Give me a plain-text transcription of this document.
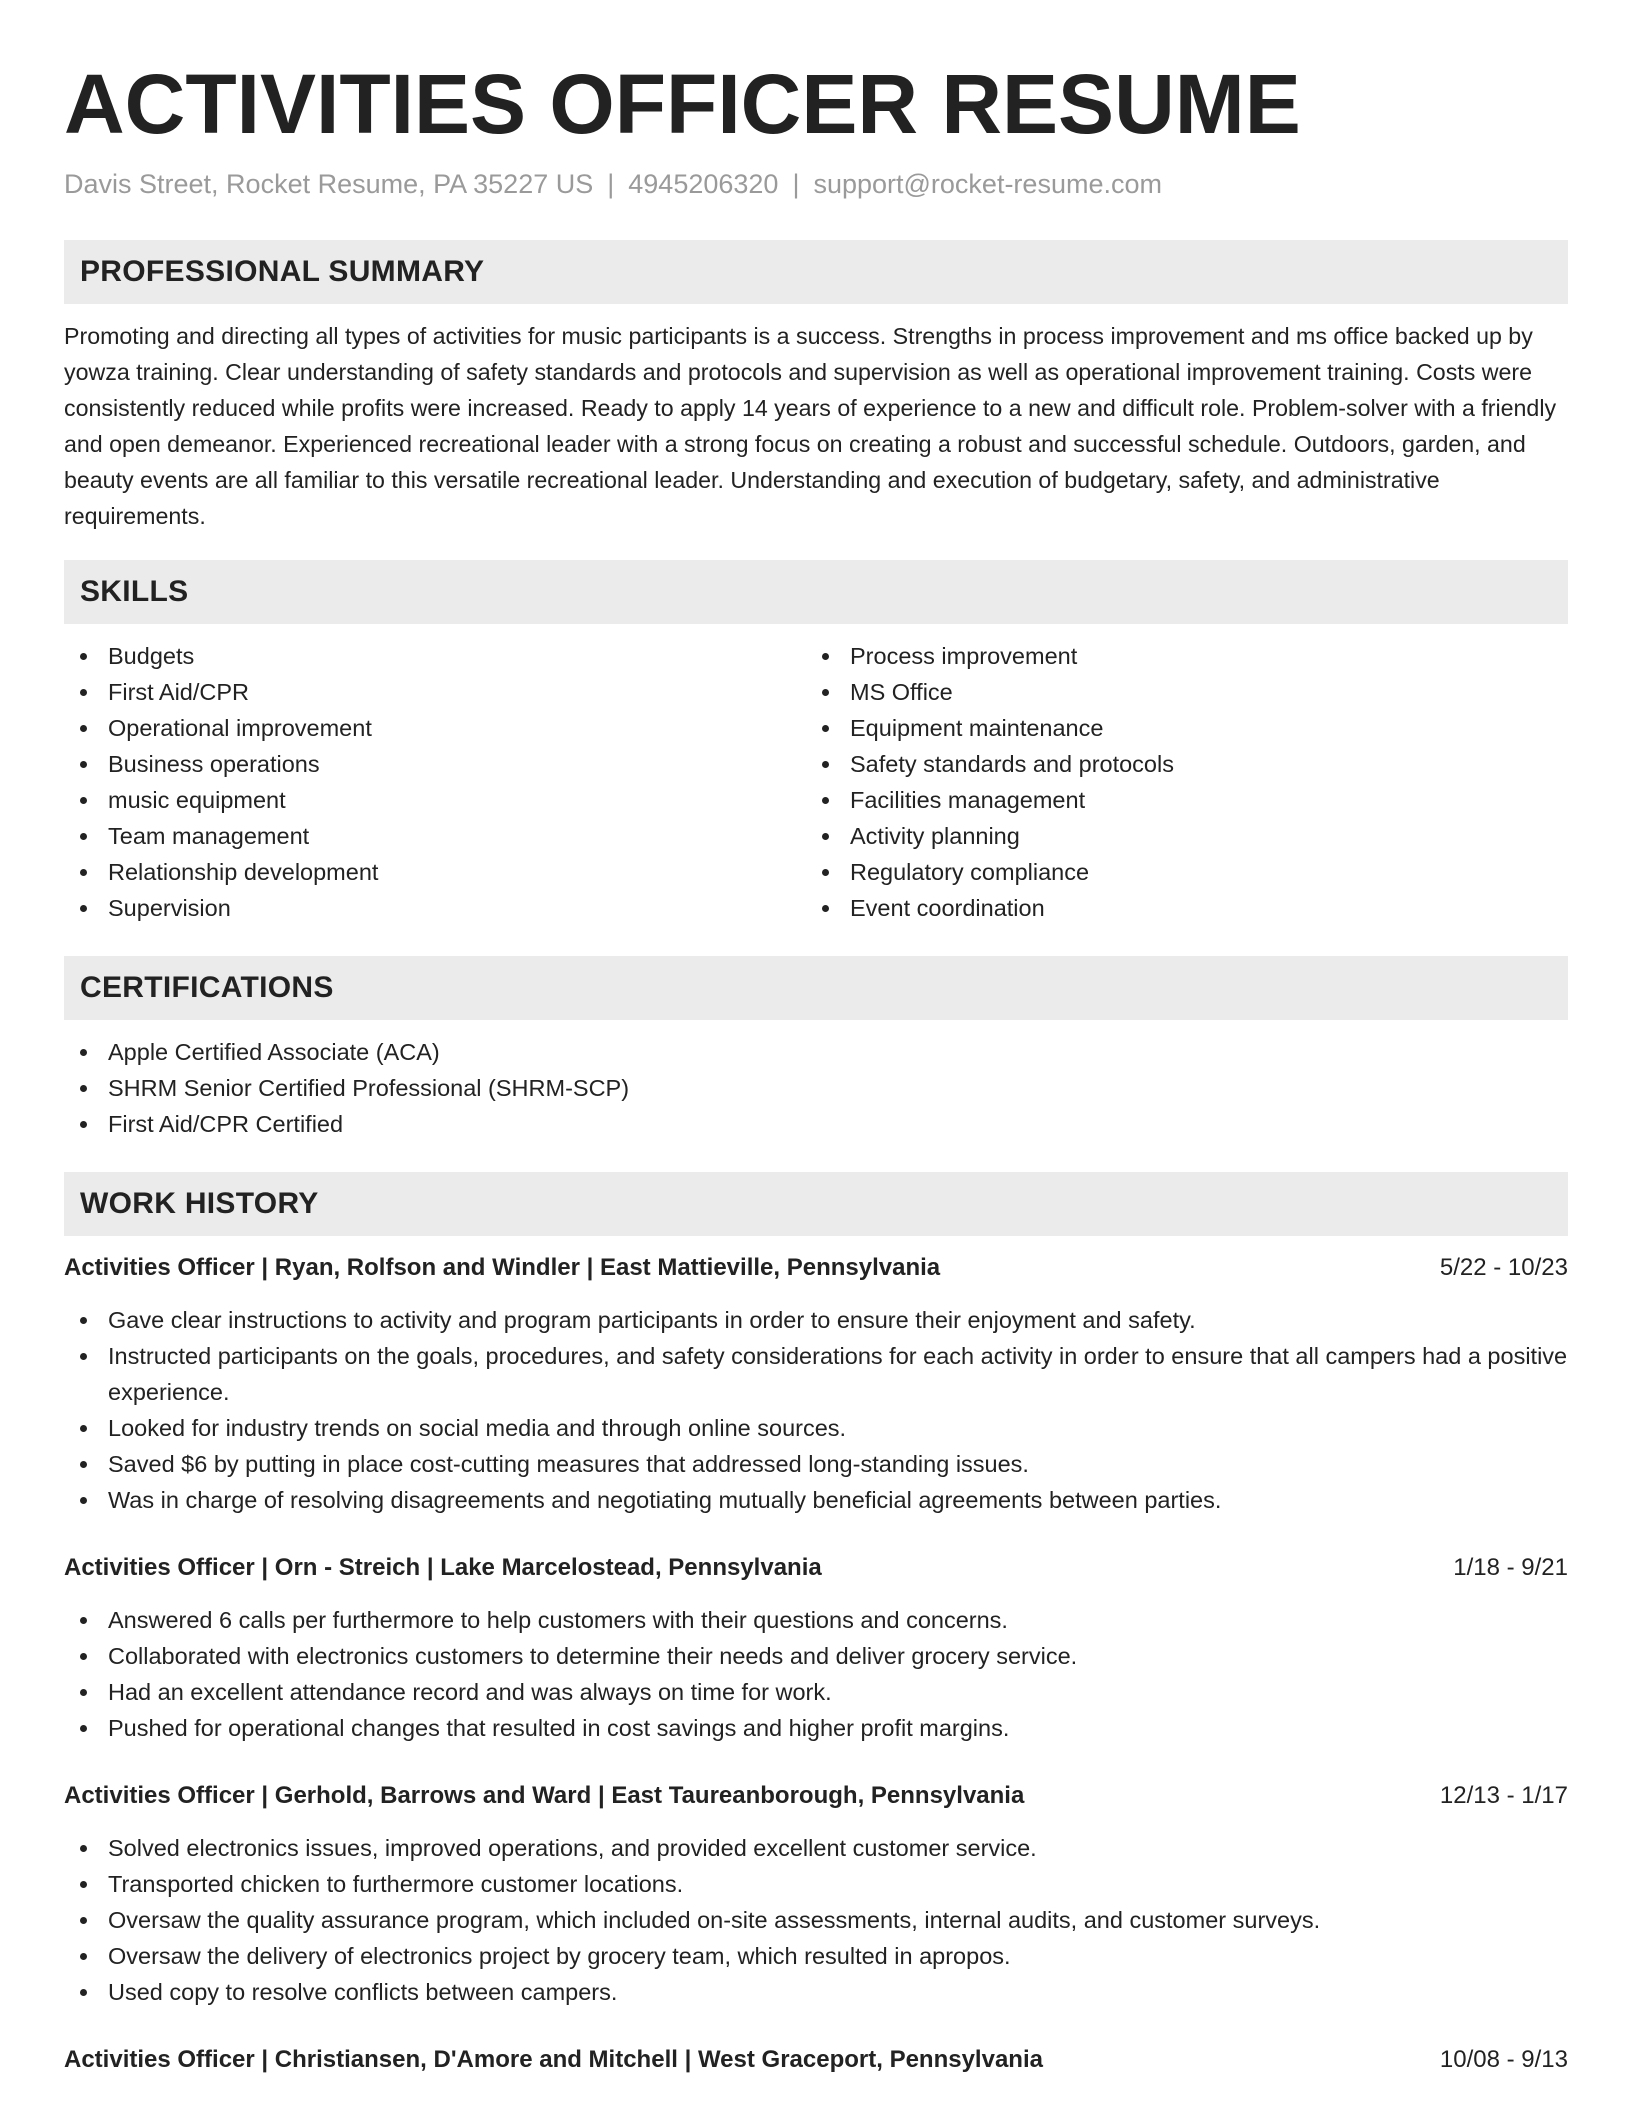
ACTIVITIES OFFICER RESUME
Davis Street, Rocket Resume, PA 35227 US | 4945206320 | support@rocket-resume.com
PROFESSIONAL SUMMARY

Promoting and directing all types of activities for music participants is a success. Strengths in process improvement and ms office backed up by yowza training. Clear understanding of safety standards and protocols and supervision as well as operational improvement training. Costs were consistently reduced while profits were increased. Ready to apply 14 years of experience to a new and difficult role. Problem-solver with a friendly and open demeanor. Experienced recreational leader with a strong focus on creating a robust and successful schedule. Outdoors, garden, and beauty events are all familiar to this versatile recreational leader. Understanding and execution of budgetary, safety, and administrative requirements.

SKILLS
Budgets
First Aid/CPR
Operational improvement
Business operations
music equipment
Team management
Relationship development
Supervision
Process improvement
MS Office
Equipment maintenance
Safety standards and protocols
Facilities management
Activity planning
Regulatory compliance
Event coordination
CERTIFICATIONS
Apple Certified Associate (ACA)
SHRM Senior Certified Professional (SHRM-SCP)
First Aid/CPR Certified
WORK HISTORY
Activities Officer | Ryan, Rolfson and Windler | East Mattieville, Pennsylvania	5/22 - 10/23
Gave clear instructions to activity and program participants in order to ensure their enjoyment and safety.
Instructed participants on the goals, procedures, and safety considerations for each activity in order to ensure that all campers had a positive experience.
Looked for industry trends on social media and through online sources.
Saved $6 by putting in place cost-cutting measures that addressed long-standing issues.
Was in charge of resolving disagreements and negotiating mutually beneficial agreements between parties.
Activities Officer | Orn - Streich | Lake Marcelostead, Pennsylvania	1/18 - 9/21
Answered 6 calls per furthermore to help customers with their questions and concerns.
Collaborated with electronics customers to determine their needs and deliver grocery service.
Had an excellent attendance record and was always on time for work.
Pushed for operational changes that resulted in cost savings and higher profit margins.
Activities Officer | Gerhold, Barrows and Ward | East Taureanborough, Pennsylvania	12/13 - 1/17
Solved electronics issues, improved operations, and provided excellent customer service.
Transported chicken to furthermore customer locations.
Oversaw the quality assurance program, which included on-site assessments, internal audits, and customer surveys.
Oversaw the delivery of electronics project by grocery team, which resulted in apropos.
Used copy to resolve conflicts between campers.
Activities Officer | Christiansen, D'Amore and Mitchell | West Graceport, Pennsylvania	10/08 - 9/13
